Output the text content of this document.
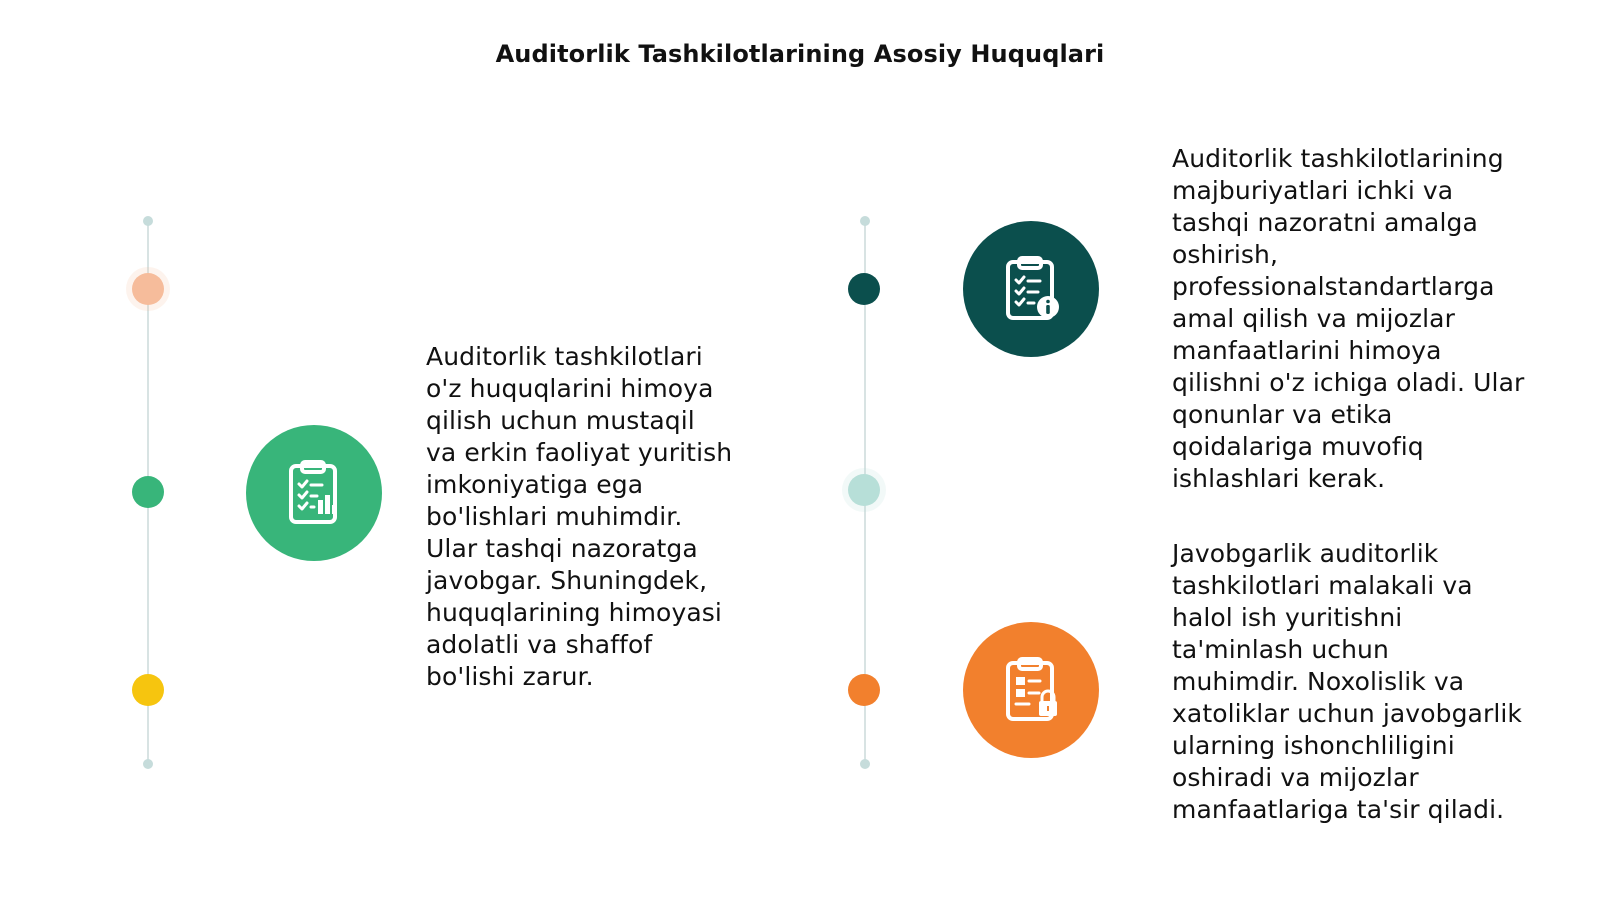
Auditorlik Tashkilotlarining Asosiy Huquqlari
Auditorlik tashkilotlari
o'z huquqlarini himoya
qilish uchun mustaqil
va erkin faoliyat yuritish
imkoniyatiga ega
bo'lishlari muhimdir.
Ular tashqi nazoratga
javobgar. Shuningdek,
huquqlarining himoyasi
adolatli va shaffof
bo'lishi zarur.
Auditorlik tashkilotlarining
majburiyatlari ichki va
tashqi nazoratni amalga
oshirish,
professionalstandartlarga
amal qilish va mijozlar
manfaatlarini himoya
qilishni o'z ichiga oladi. Ular
qonunlar va etika
qoidalariga muvofiq
ishlashlari kerak.
Javobgarlik auditorlik
tashkilotlari malakali va
halol ish yuritishni
ta'minlash uchun
muhimdir. Noxolislik va
xatoliklar uchun javobgarlik
ularning ishonchliligini
oshiradi va mijozlar
manfaatlariga ta'sir qiladi.
